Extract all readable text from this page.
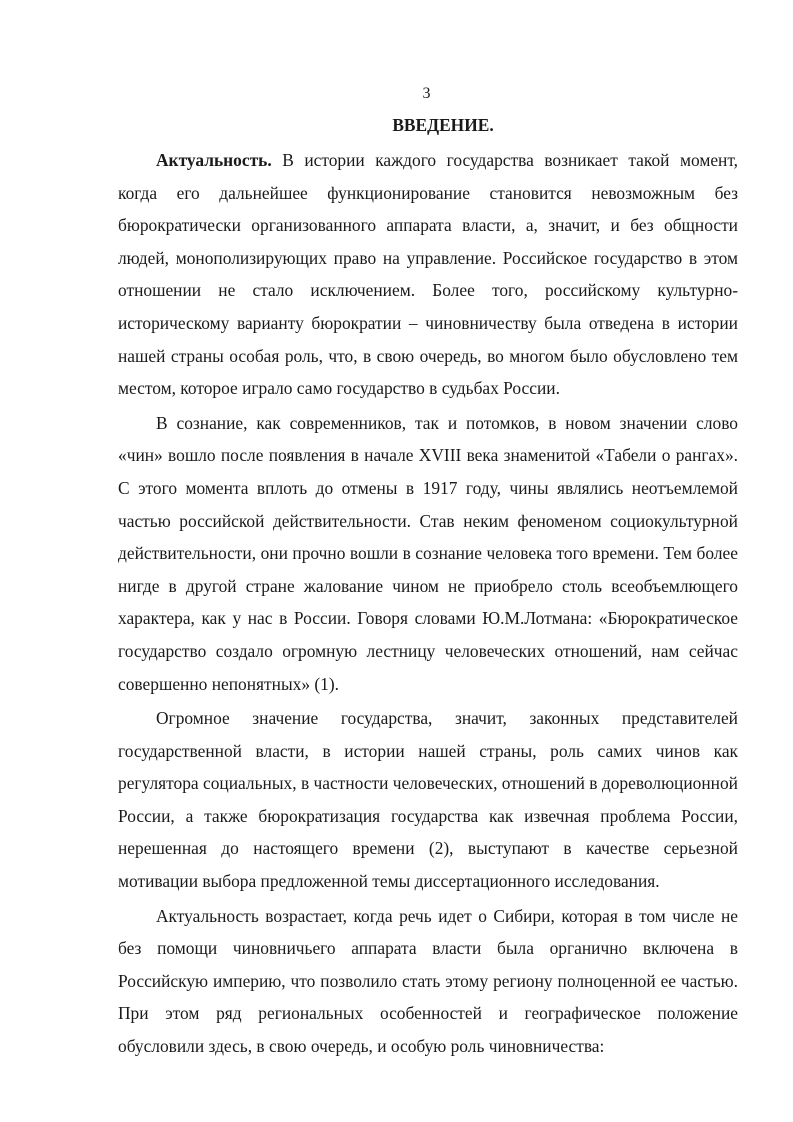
3
ВВЕДЕНИЕ.

Актуальность. В истории каждого государства возникает такой момент, когда его дальнейшее функционирование становится невозможным без бюрократически организованного аппарата власти, а, значит, и без общности людей, монополизирующих право на управление. Российское государство в этом отношении не стало исключением. Более того, российскому культурно-историческому варианту бюрократии – чиновничеству была отведена в истории нашей страны особая роль, что, в свою очередь, во многом было обусловлено тем местом, которое играло само государство в судьбах России.

В сознание, как современников, так и потомков, в новом значении слово «чин» вошло после появления в начале XVIII века знаменитой «Табели о рангах». С этого момента вплоть до отмены в 1917 году, чины являлись неотъемлемой частью российской действительности. Став неким феноменом социокультурной действительности, они прочно вошли в сознание человека того времени. Тем более нигде в другой стране жалование чином не приобрело столь всеобъемлющего характера, как у нас в России. Говоря словами Ю.М.Лотмана: «Бюрократическое государство создало огромную лестницу человеческих отношений, нам сейчас совершенно непонятных» (1).

Огромное значение государства, значит, законных представителей государственной власти, в истории нашей страны, роль самих чинов как регулятора социальных, в частности человеческих, отношений в дореволюционной России, а также бюрократизация государства как извечная проблема России, нерешенная до настоящего времени (2), выступают в качестве серьезной мотивации выбора предложенной темы диссертационного исследования.

Актуальность возрастает, когда речь идет о Сибири, которая в том числе не без помощи чиновничьего аппарата власти была органично включена в Российскую империю, что позволило стать этому региону полноценной ее частью. При этом ряд региональных особенностей и географическое положение обусловили здесь, в свою очередь, и особую роль чиновничества:
